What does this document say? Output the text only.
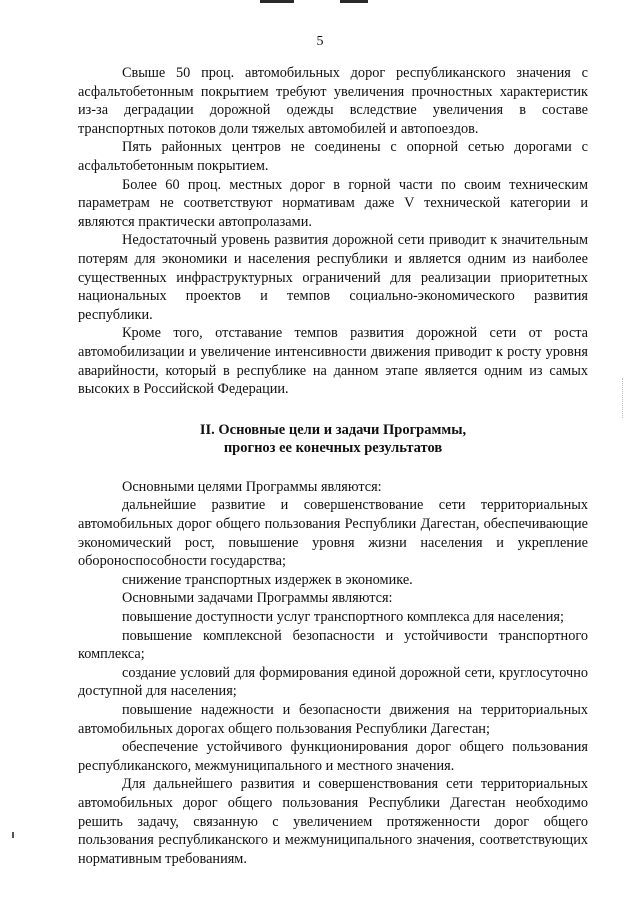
5

Свыше 50 проц. автомобильных дорог республиканского значения с асфальтобетонным покрытием требуют увеличения прочностных характеристик из-за деградации дорожной одежды вследствие увеличения в составе транспортных потоков доли тяжелых автомобилей и автопоездов.

Пять районных центров не соединены с опорной сетью дорогами с асфальтобетонным покрытием.

Более 60 проц. местных дорог в горной части по своим техническим параметрам не соответствуют нормативам даже V технической категории и являются практически автопролазами.

Недостаточный уровень развития дорожной сети приводит к значительным потерям для экономики и населения республики и является одним из наиболее существенных инфраструктурных ограничений для реализации приоритетных национальных проектов и темпов социально-экономического развития республики.

Кроме того, отставание темпов развития дорожной сети от роста автомобилизации и увеличение интенсивности движения приводит к росту уровня аварийности, который в республике на данном этапе является одним из самых высоких в Российской Федерации.

II. Основные цели и задачи Программы,
прогноз ее конечных результатов

Основными целями Программы являются:

дальнейшие развитие и совершенствование сети территориальных автомобильных дорог общего пользования Республики Дагестан, обеспечивающие экономический рост, повышение уровня жизни населения и укрепление обороноспособности государства;

снижение транспортных издержек в экономике.

Основными задачами Программы являются:

повышение доступности услуг транспортного комплекса для населения;

повышение комплексной безопасности и устойчивости транспортного комплекса;

создание условий для формирования единой дорожной сети, круглосуточно доступной для населения;

повышение надежности и безопасности движения на территориальных автомобильных дорогах общего пользования Республики Дагестан;

обеспечение устойчивого функционирования дорог общего пользования республиканского, межмуниципального и местного значения.

Для дальнейшего развития и совершенствования сети территориальных автомобильных дорог общего пользования Республики Дагестан необходимо решить задачу, связанную с увеличением протяженности дорог общего пользования республиканского и межмуниципального значения, соответствующих нормативным требованиям.
